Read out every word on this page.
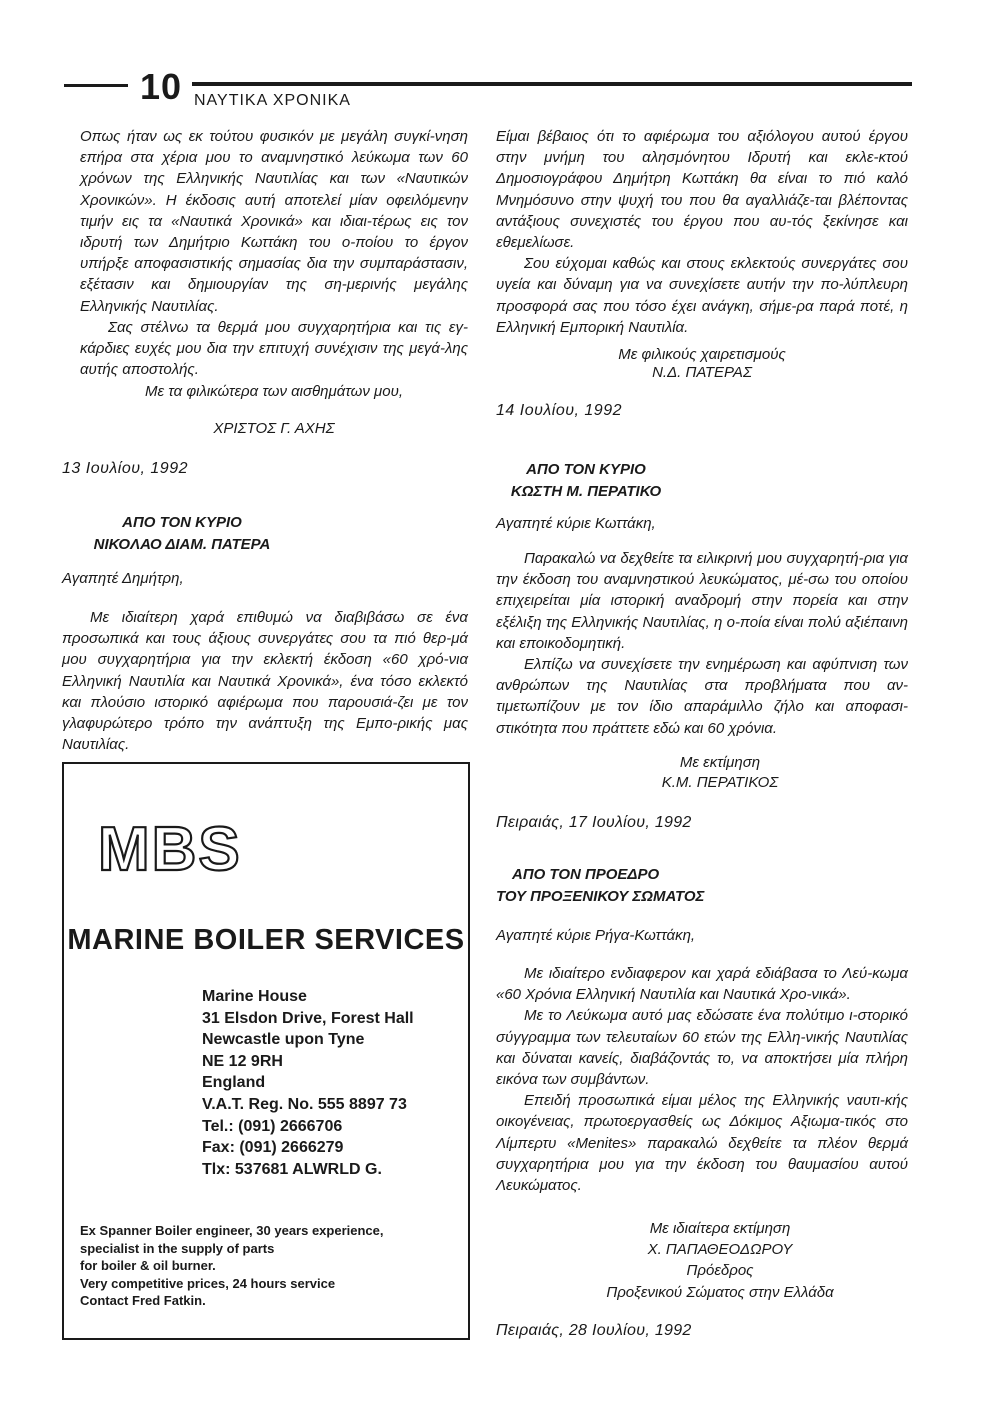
10 ΝΑΥΤΙΚΑ ΧΡΟΝΙΚΑ

Οπως ήταν ως εκ τούτου φυσικόν με μεγάλη συγκί-νηση επήρα στα χέρια μου το αναμνηστικό λεύκωμα των 60 χρόνων της Ελληνικής Ναυτιλίας και των «Ναυτικών Χρονικών». Η έκδοσις αυτή αποτελεί μίαν οφειλόμενην τιμήν εις τα «Ναυτικά Χρονικά» και ιδιαι-τέρως εις τον ιδρυτή των Δημήτριο Κωττάκη του ο-ποίου το έργον υπήρξε αποφασιστικής σημασίας δια την συμπαράστασιν, εξέτασιν και δημιουργίαν της ση-μερινής μεγάλης Ελληνικής Ναυτιλίας.

Σας στέλνω τα θερμά μου συγχαρητήρια και τις εγ-κάρδιες ευχές μου δια την επιτυχή συνέχισιν της μεγά-λης αυτής αποστολής.

Με τα φιλικώτερα των αισθημάτων μου,
ΧΡΙΣΤΟΣ Γ. ΑΧΗΣ
13 Ιουλίου, 1992
ΑΠΟ ΤΟΝ ΚΥΡΙΟ
ΝΙΚΟΛΑΟ ΔΙΑΜ. ΠΑΤΕΡΑ
Αγαπητέ Δημήτρη,

Με ιδιαίτερη χαρά επιθυμώ να διαβιβάσω σε ένα προσωπικά και τους άξιους συνεργάτες σου τα πιό θερ-μά μου συγχαρητήρια για την εκλεκτή έκδοση «60 χρό-νια Ελληνική Ναυτιλία και Ναυτικά Χρονικά», ένα τόσο εκλεκτό και πλούσιο ιστορικό αφιέρωμα που παρουσιά-ζει με τον γλαφυρώτερο τρόπο την ανάπτυξη της Εμπο-ρικής μας Ναυτιλίας.

MBS
MARINE BOILER SERVICES
Marine House
31 Elsdon Drive, Forest Hall
Newcastle upon Tyne
NE 12 9RH
England
V.A.T. Reg. No. 555 8897 73
Tel.: (091) 2666706
Fax: (091) 2666279
Tlx: 537681 ALWRLD G.
Ex Spanner Boiler engineer, 30 years experience,
specialist in the supply of parts
for boiler & oil burner.
Very competitive prices, 24 hours service
Contact Fred Fatkin.

Είμαι βέβαιος ότι το αφιέρωμα του αξιόλογου αυτού έργου στην μνήμη του αλησμόνητου Ιδρυτή και εκλε-κτού Δημοσιογράφου Δημήτρη Κωττάκη θα είναι το πιό καλό Μνημόσυνο στην ψυχή του που θα αγαλλιάζε-ται βλέποντας αντάξιους συνεχιστές του έργου που αυ-τός ξεκίνησε και εθεμελίωσε.

Σου εύχομαι καθώς και στους εκλεκτούς συνεργάτες σου υγεία και δύναμη για να συνεχίσετε αυτήν την πο-λύπλευρη προσφορά σας που τόσο έχει ανάγκη, σήμε-ρα παρά ποτέ, η Ελληνική Εμπορική Ναυτιλία.

Με φιλικούς χαιρετισμούς
Ν.Δ. ΠΑΤΕΡΑΣ
14 Ιουλίου, 1992
ΑΠΟ ΤΟΝ ΚΥΡΙΟ
ΚΩΣΤΗ Μ. ΠΕΡΑΤΙΚΟ
Αγαπητέ κύριε Κωττάκη,

Παρακαλώ να δεχθείτε τα ειλικρινή μου συγχαρητή-ρια για την έκδοση του αναμνηστικού λευκώματος, μέ-σω του οποίου επιχειρείται μία ιστορική αναδρομή στην πορεία και στην εξέλιξη της Ελληνικής Ναυτιλίας, η ο-ποία είναι πολύ αξιέπαινη και εποικοδομητική.

Ελπίζω να συνεχίσετε την ενημέρωση και αφύπνιση των ανθρώπων της Ναυτιλίας στα προβλήματα που αν-τιμετωπίζουν με τον ίδιο απαράμιλλο ζήλο και αποφασι-στικότητα που πράττετε εδώ και 60 χρόνια.

Με εκτίμηση
Κ.Μ. ΠΕΡΑΤΙΚΟΣ
Πειραιάς, 17 Ιουλίου, 1992
ΑΠΟ ΤΟΝ ΠΡΟΕΔΡΟ
ΤΟΥ ΠΡΟΞΕΝΙΚΟΥ ΣΩΜΑΤΟΣ
Αγαπητέ κύριε Ρήγα-Κωττάκη,

Με ιδιαίτερο ενδιαφερον και χαρά εδιάβασα το Λεύ-κωμα «60 Χρόνια Ελληνική Ναυτιλία και Ναυτικά Χρο-νικά».

Με το Λεύκωμα αυτό μας εδώσατε ένα πολύτιμο ι-στορικό σύγγραμμα των τελευταίων 60 ετών της Ελλη-νικής Ναυτιλίας και δύναται κανείς, διαβάζοντάς το, να αποκτήσει μία πλήρη εικόνα των συμβάντων.

Επειδή προσωπικά είμαι μέλος της Ελληνικής ναυτι-κής οικογένειας, πρωτοεργασθείς ως Δόκιμος Αξιωμα-τικός στο Λίμπερτυ «Menites» παρακαλώ δεχθείτε τα πλέον θερμά συγχαρητήρια μου για την έκδοση του θαυμασίου αυτού Λευκώματος.

Με ιδιαίτερα εκτίμηση
Χ. ΠΑΠΑΘΕΟΔΩΡΟΥ
Πρόεδρος
Προξενικού Σώματος στην Ελλάδα
Πειραιάς, 28 Ιουλίου, 1992
